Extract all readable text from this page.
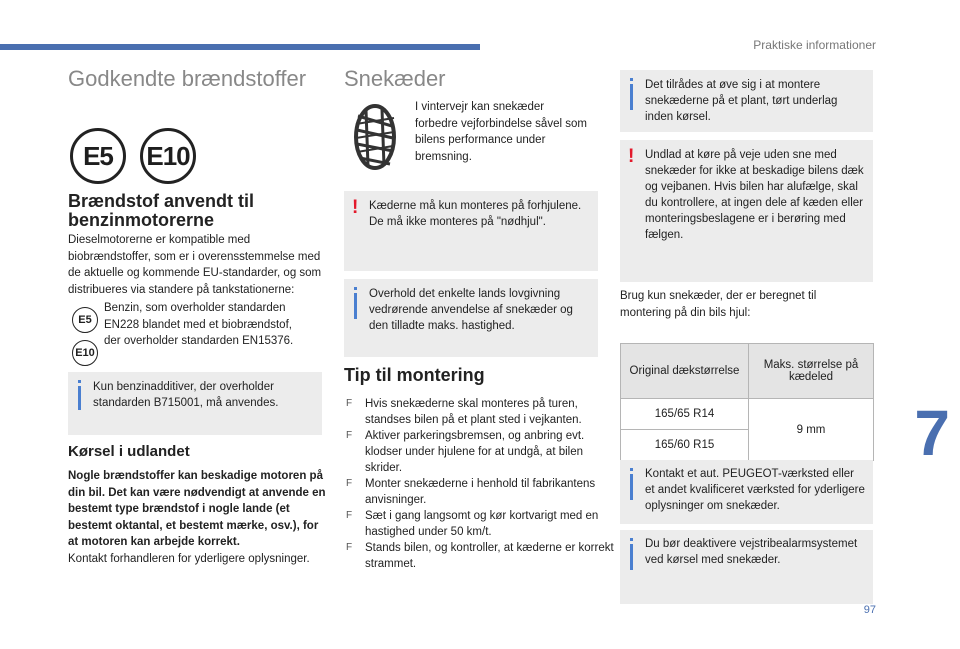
Praktiske informationer
Godkendte brændstoffer
E5	E10
Brændstof anvendt til benzinmotorerne
Dieselmotorerne er kompatible med biobrændstoffer, som er i overensstemmelse med de aktuelle og kommende EU-standarder, og som distribueres via standere på tankstationerne:
E5
E10
Benzin, som overholder standarden EN228 blandet med et biobrændstof, der overholder standarden EN15376.
Kun benzinadditiver, der overholder standarden B715001, må anvendes.
Kørsel i udlandet
Nogle brændstoffer kan beskadige motoren på din bil. Det kan være nødvendigt at anvende en bestemt type brændstof i nogle lande (et bestemt oktantal, et bestemt mærke, osv.), for at motoren kan arbejde korrekt.
Kontakt forhandleren for yderligere oplysninger.
Snekæder
I vintervejr kan snekæder forbedre vejforbindelse såvel som bilens performance under bremsning.
! Kæderne må kun monteres på forhjulene. De må ikke monteres på "nødhjul".
Overhold det enkelte lands lovgivning vedrørende anvendelse af snekæder og den tilladte maks. hastighed.
Tip til montering
F Hvis snekæderne skal monteres på turen, standses bilen på et plant sted i vejkanten.
F Aktiver parkeringsbremsen, og anbring evt. klodser under hjulene for at undgå, at bilen skrider.
F Monter snekæderne i henhold til fabrikantens anvisninger.
F Sæt i gang langsomt og kør kortvarigt med en hastighed under 50 km/t.
F Stands bilen, og kontroller, at kæderne er korrekt strammet.
Det tilrådes at øve sig i at montere snekæderne på et plant, tørt underlag inden kørsel.
! Undlad at køre på veje uden sne med snekæder for ikke at beskadige bilens dæk og vejbanen. Hvis bilen har alufælge, skal du kontrollere, at ingen dele af kæden eller monteringsbeslagene er i berøring med fælgen.
Brug kun snekæder, der er beregnet til montering på din bils hjul:
Original dækstørrelse	Maks. størrelse på kædeled
165/65 R14	9 mm
165/60 R15	
Kontakt et aut. PEUGEOT-værksted eller et andet kvalificeret værksted for yderligere oplysninger om snekæder.
Du bør deaktivere vejstribealarmsystemet ved kørsel med snekæder.
7
97
